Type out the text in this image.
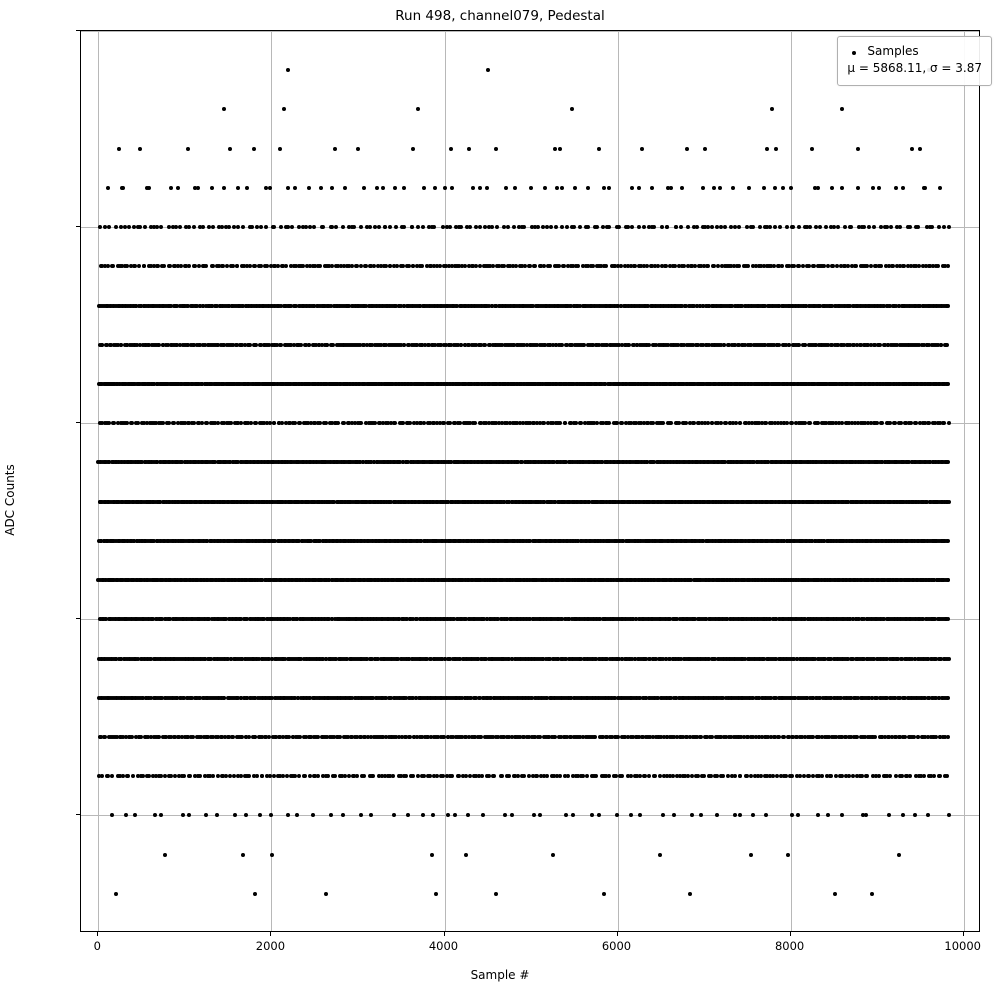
Run 498, channel079, Pedestal
0	2000	4000	6000	8000	10000
ADC Counts
Sample #
Samples
μ = 5868.11, σ = 3.87
